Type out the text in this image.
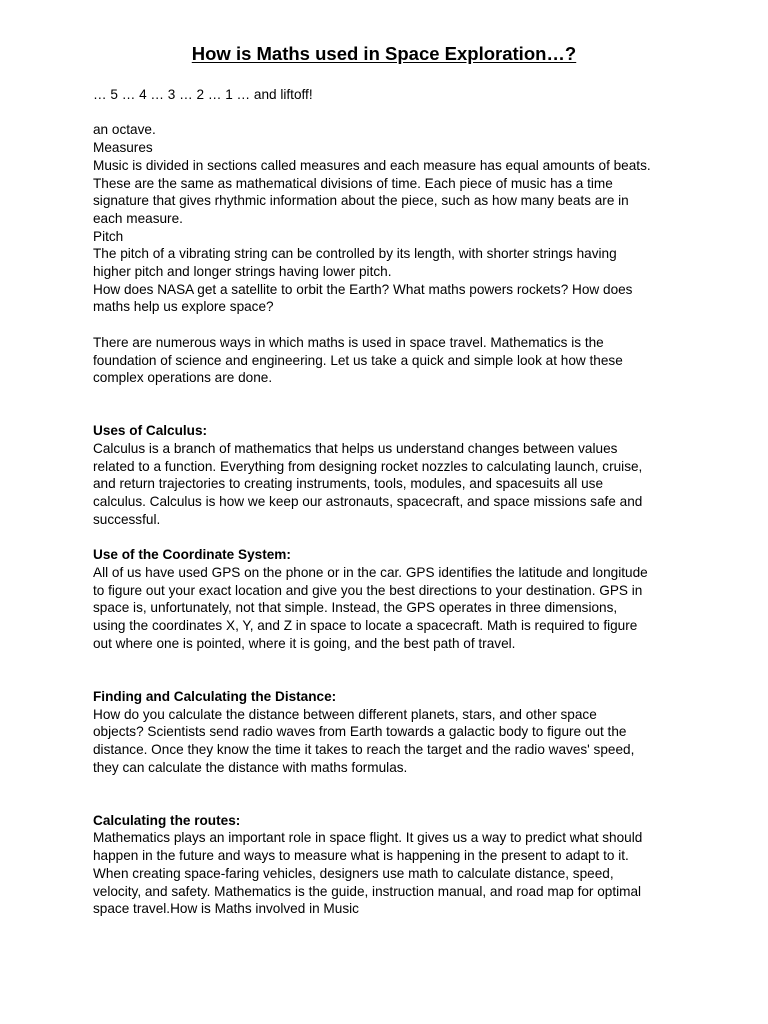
How is Maths used in Space Exploration…?
… 5 … 4 … 3 … 2 … 1 … and liftoff!
an octave.
Measures
Music is divided in sections called measures and each measure has equal amounts of beats.
These are the same as mathematical divisions of time. Each piece of music has a time
signature that gives rhythmic information about the piece, such as how many beats are in
each measure.
Pitch
The pitch of a vibrating string can be controlled by its length, with shorter strings having
higher pitch and longer strings having lower pitch.
How does NASA get a satellite to orbit the Earth? What maths powers rockets? How does
maths help us explore space?
There are numerous ways in which maths is used in space travel. Mathematics is the
foundation of science and engineering. Let us take a quick and simple look at how these
complex operations are done.
Uses of Calculus:
Calculus is a branch of mathematics that helps us understand changes between values
related to a function. Everything from designing rocket nozzles to calculating launch, cruise,
and return trajectories to creating instruments, tools, modules, and spacesuits all use
calculus. Calculus is how we keep our astronauts, spacecraft, and space missions safe and
successful.
Use of the Coordinate System:
All of us have used GPS on the phone or in the car. GPS identifies the latitude and longitude
to figure out your exact location and give you the best directions to your destination. GPS in
space is, unfortunately, not that simple. Instead, the GPS operates in three dimensions,
using the coordinates X, Y, and Z in space to locate a spacecraft. Math is required to figure
out where one is pointed, where it is going, and the best path of travel.
Finding and Calculating the Distance:
How do you calculate the distance between different planets, stars, and other space
objects? Scientists send radio waves from Earth towards a galactic body to figure out the
distance. Once they know the time it takes to reach the target and the radio waves' speed,
they can calculate the distance with maths formulas.
Calculating the routes:
Mathematics plays an important role in space flight. It gives us a way to predict what should
happen in the future and ways to measure what is happening in the present to adapt to it.
When creating space-faring vehicles, designers use math to calculate distance, speed,
velocity, and safety. Mathematics is the guide, instruction manual, and road map for optimal
space travel.How is Maths involved in Music
